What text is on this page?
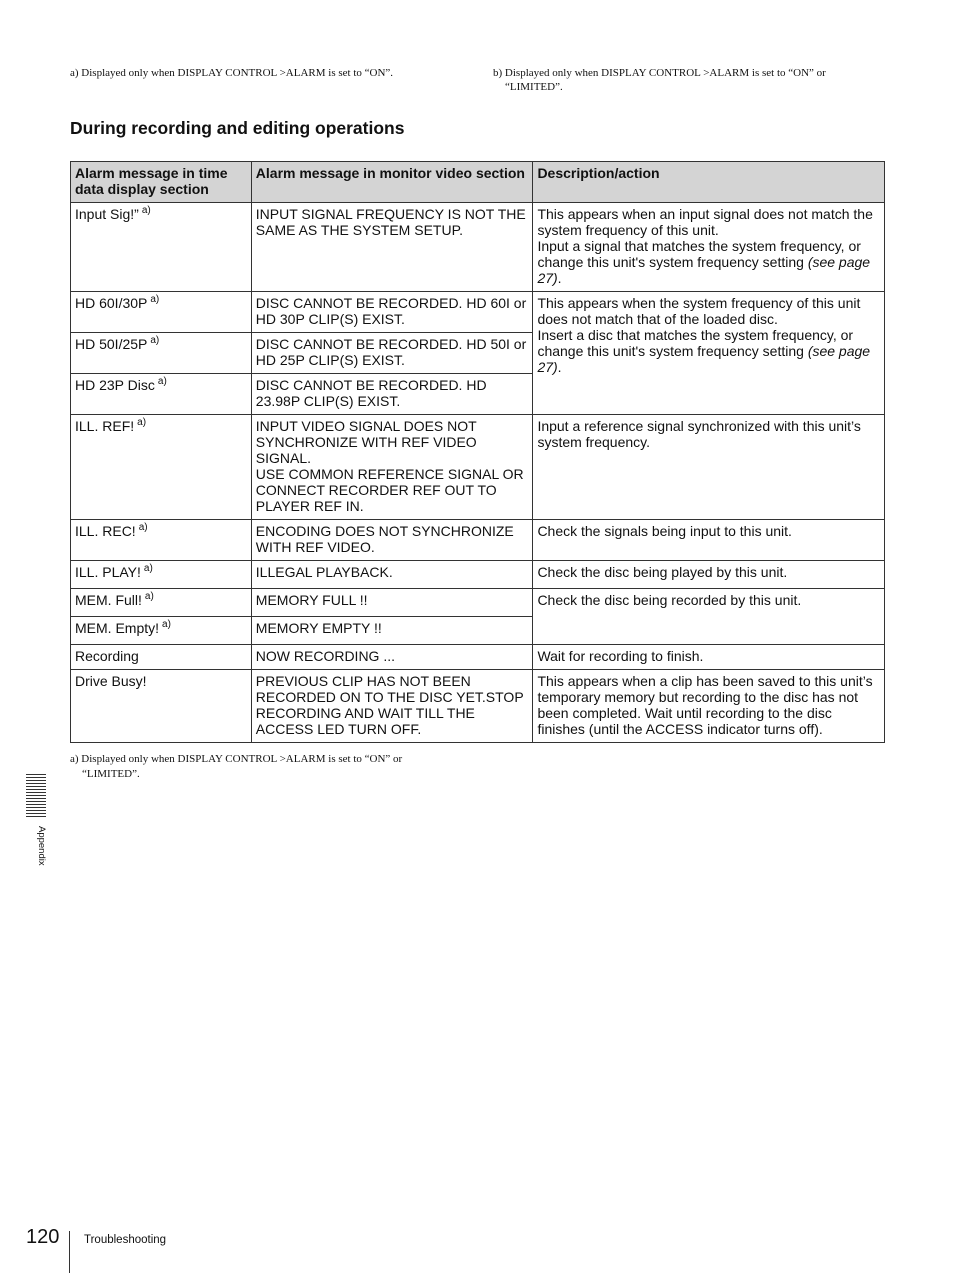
a) Displayed only when DISPLAY CONTROL >ALARM is set to “ON”.	b) Displayed only when DISPLAY CONTROL >ALARM is set to “ON” or
“LIMITED”.
During recording and editing operations
Alarm message in time data display section	Alarm message in monitor video section	Description/action
Input Sig!” $^{a)}$	INPUT SIGNAL FREQUENCY IS NOT THE SAME AS THE SYSTEM SETUP.	This appears when an input signal does not match the system frequency of this unit.
Input a signal that matches the system frequency, or change this unit's system frequency setting (see page 27).
HD 60I/30P $^{a)}$	DISC CANNOT BE RECORDED. HD 60I or HD 30P CLIP(S) EXIST.	This appears when the system frequency of this unit does not match that of the loaded disc.
Insert a disc that matches the system frequency, or change this unit's system frequency setting (see page 27).
HD 50I/25P $^{a)}$	DISC CANNOT BE RECORDED. HD 50I or HD 25P CLIP(S) EXIST.	
HD 23P Disc $^{a)}$	DISC CANNOT BE RECORDED. HD 23.98P CLIP(S) EXIST.	
ILL. REF! $^{a)}$	INPUT VIDEO SIGNAL DOES NOT SYNCHRONIZE WITH REF VIDEO SIGNAL.
USE COMMON REFERENCE SIGNAL OR CONNECT RECORDER REF OUT TO PLAYER REF IN.	Input a reference signal synchronized with this unit’s system frequency.
ILL. REC! $^{a)}$	ENCODING DOES NOT SYNCHRONIZE WITH REF VIDEO.	Check the signals being input to this unit.
ILL. PLAY! $^{a)}$	ILLEGAL PLAYBACK.	Check the disc being played by this unit.
MEM. Full! $^{a)}$	MEMORY FULL !!	Check the disc being recorded by this unit.
MEM. Empty! $^{a)}$	MEMORY EMPTY !!	
Recording	NOW RECORDING ...	Wait for recording to finish.
Drive Busy!	PREVIOUS CLIP HAS NOT BEEN RECORDED ON TO THE DISC YET.STOP RECORDING AND WAIT TILL THE ACCESS LED TURN OFF.	This appears when a clip has been saved to this unit’s temporary memory but recording to the disc has not been completed. Wait until recording to the disc finishes (until the ACCESS indicator turns off).
a) Displayed only when DISPLAY CONTROL >ALARM is set to “ON” or
“LIMITED”.
Appendix
120 Troubleshooting
